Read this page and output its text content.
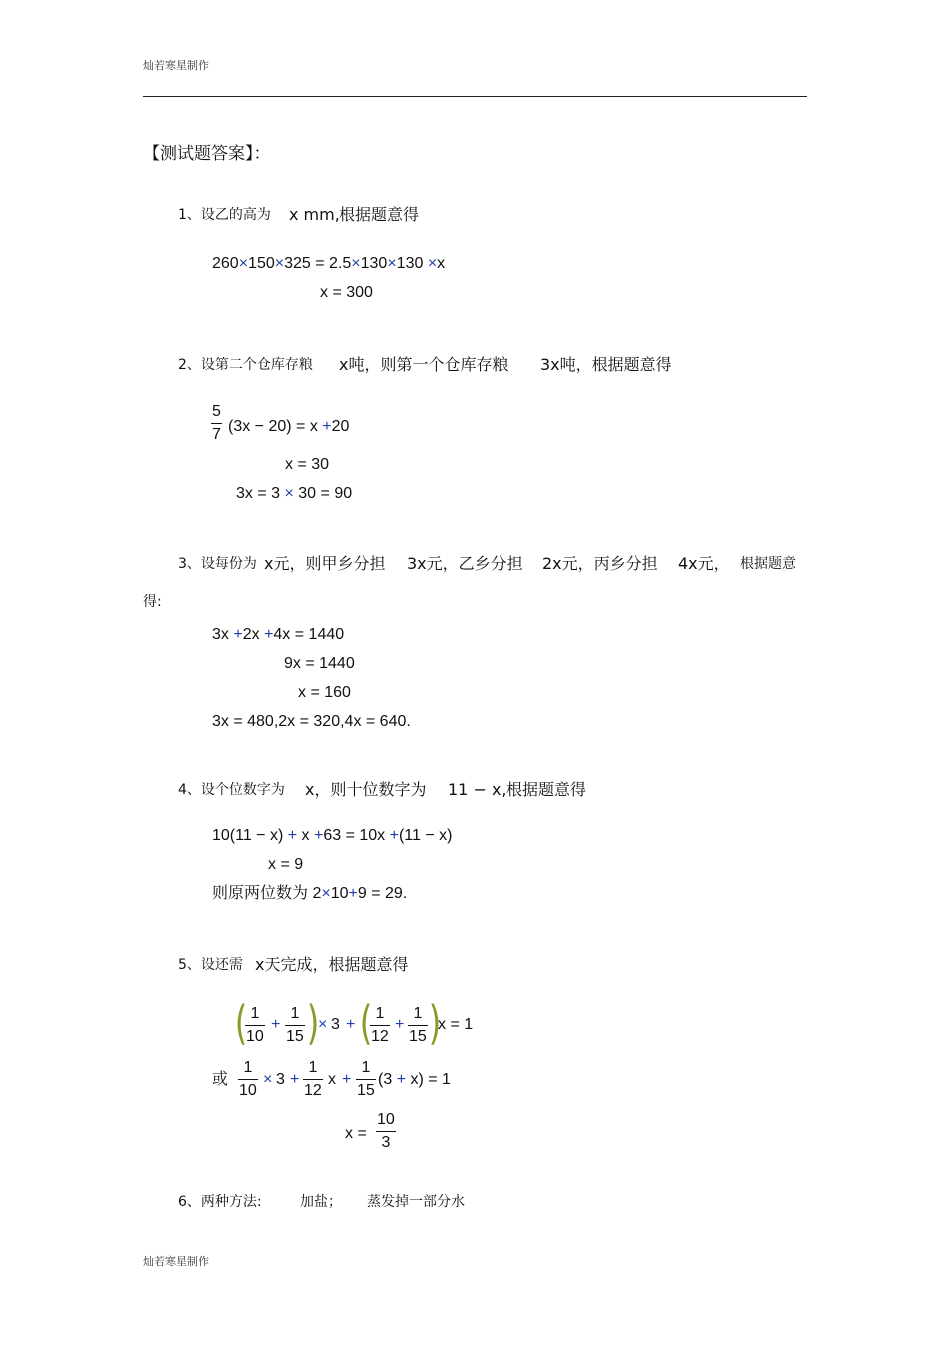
灿若寒星制作
【测试题答案】：
1、设乙的高为 x mm, 根据题意得
260×150×325 = 2.5×130×130 ×x
x = 300
2、设第二个仓库存粮 x吨，则第一个仓库存粮 3x吨，根据题意得
$\frac{5}{7} (3x - 20) = x +20$
x = 30
3x = 3 × 30 = 90
3、设每份为 x元，则甲乡分担 3x元，乙乡分担 2x元，丙乡分担 4x元， 根据题意
得:
3x +2x +4x = 1440
9x = 1440
x = 160
3x = 480,2x = 320,4x = 640.
4、设个位数字为 x，则十位数字为 11 − x, 根据题意得
10(11 − x) + x +63 = 10x +(11 − x)
x = 9
则原两位数为 2×10+9 = 29.
5、设还需 x天完成，根据题意得
(
$\frac{1}{10} + \frac{1}{15}$ )
× 3 + (
$\frac{1}{12} + \frac{1}{15}$ )
x = 1
或 $\frac{1}{10} \times 3 + \frac{1}{12}$ $x + \frac{1}{15} (3 + x) = 1$
$x = \frac{10}{3}$
6、两种方法:	加盐； 蒸发掉一部分水
灿若寒星制作
